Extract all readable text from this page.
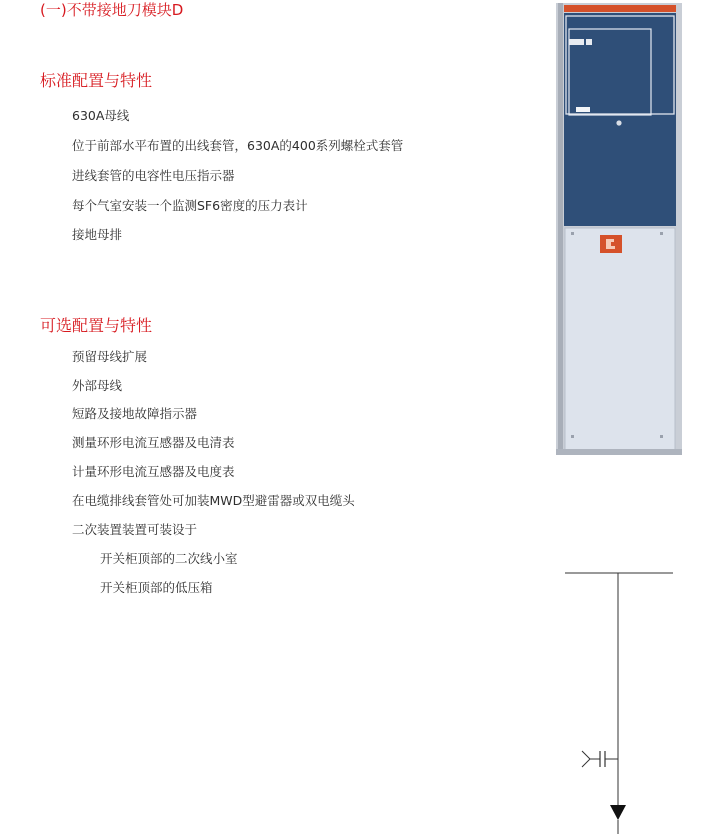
(一)不带接地刀模块D
标准配置与特性
630A母线
位于前部水平布置的出线套管，630A的400系列螺栓式套管
进线套管的电容性电压指示器
每个气室安装一个监测SF6密度的压力表计
接地母排
可选配置与特性
预留母线扩展
外部母线
短路及接地故障指示器
测量环形电流互感器及电清表
计量环形电流互感器及电度表
在电缆排线套管处可加装MWD型避雷器或双电缆头
二次装置装置可装设于
开关柜顶部的二次线小室
开关柜顶部的低压箱
